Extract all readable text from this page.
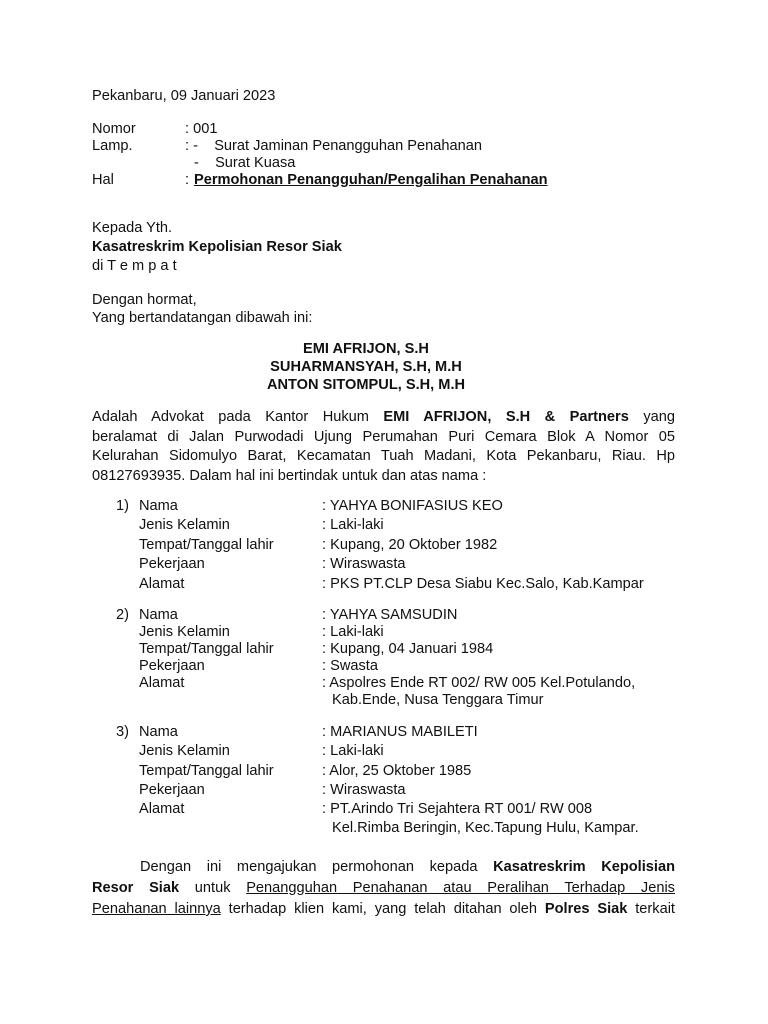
Pekanbaru, 09 Januari 2023
Nomor	: 001
Lamp.	: -    Surat Jaminan Penangguhan Penahanan
-    Surat Kuasa
Hal	: Permohonan Penangguhan/Pengalihan Penahanan
Kepada Yth.
Kasatreskrim Kepolisian Resor Siak
di T e m p a t
Dengan hormat,
Yang bertandatangan dibawah ini:
EMI AFRIJON, S.H
SUHARMANSYAH, S.H, M.H
ANTON SITOMPUL, S.H, M.H
Adalah Advokat pada Kantor Hukum EMI AFRIJON, S.H & Partners yang
beralamat di Jalan Purwodadi Ujung Perumahan Puri Cemara Blok A Nomor 05
Kelurahan Sidomulyo Barat, Kecamatan Tuah Madani, Kota Pekanbaru, Riau. Hp
08127693935. Dalam hal ini bertindak untuk dan atas nama :
1) Nama	: YAHYA BONIFASIUS KEO
Jenis Kelamin	: Laki-laki
Tempat/Tanggal lahir	: Kupang, 20 Oktober 1982
Pekerjaan	: Wiraswasta
Alamat	: PKS PT.CLP Desa Siabu Kec.Salo, Kab.Kampar
2) Nama	: YAHYA SAMSUDIN
Jenis Kelamin	: Laki-laki
Tempat/Tanggal lahir	: Kupang, 04 Januari 1984
Pekerjaan	: Swasta
Alamat	: Aspolres Ende RT 002/ RW 005 Kel.Potulando,
Kab.Ende, Nusa Tenggara Timur
3) Nama	: MARIANUS MABILETI
Jenis Kelamin	: Laki-laki
Tempat/Tanggal lahir	: Alor, 25 Oktober 1985
Pekerjaan	: Wiraswasta
Alamat	: PT.Arindo Tri Sejahtera RT 001/ RW 008
Kel.Rimba Beringin, Kec.Tapung Hulu, Kampar.
Dengan ini mengajukan permohonan kepada Kasatreskrim Kepolisian
Resor Siak untuk Penangguhan Penahanan atau Peralihan Terhadap Jenis
Penahanan lainnya terhadap klien kami, yang telah ditahan oleh Polres Siak terkait
